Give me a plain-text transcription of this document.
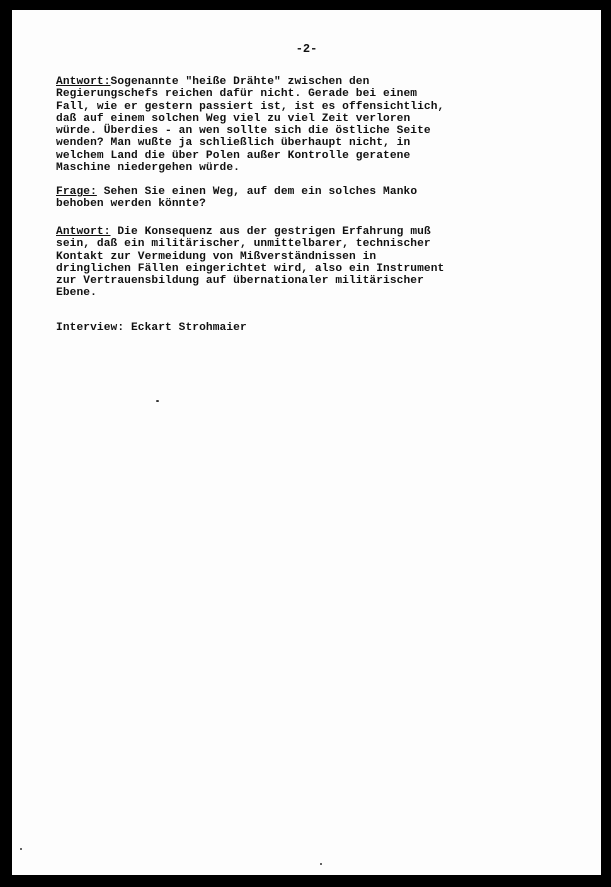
-2-
Antwort:Sogenannte "heiße Drähte" zwischen den
Regierungschefs reichen dafür nicht. Gerade bei einem
Fall, wie er gestern passiert ist, ist es offensichtlich,
daß auf einem solchen Weg viel zu viel Zeit verloren
würde. Überdies - an wen sollte sich die östliche Seite
wenden? Man wußte ja schließlich überhaupt nicht, in
welchem Land die über Polen außer Kontrolle geratene
Maschine niedergehen würde.
Frage: Sehen Sie einen Weg, auf dem ein solches Manko
behoben werden könnte?
Antwort: Die Konsequenz aus der gestrigen Erfahrung muß
sein, daß ein militärischer, unmittelbarer, technischer
Kontakt zur Vermeidung von Mißverständnissen in
dringlichen Fällen eingerichtet wird, also ein Instrument
zur Vertrauensbildung auf übernationaler militärischer
Ebene.
Interview: Eckart Strohmaier
